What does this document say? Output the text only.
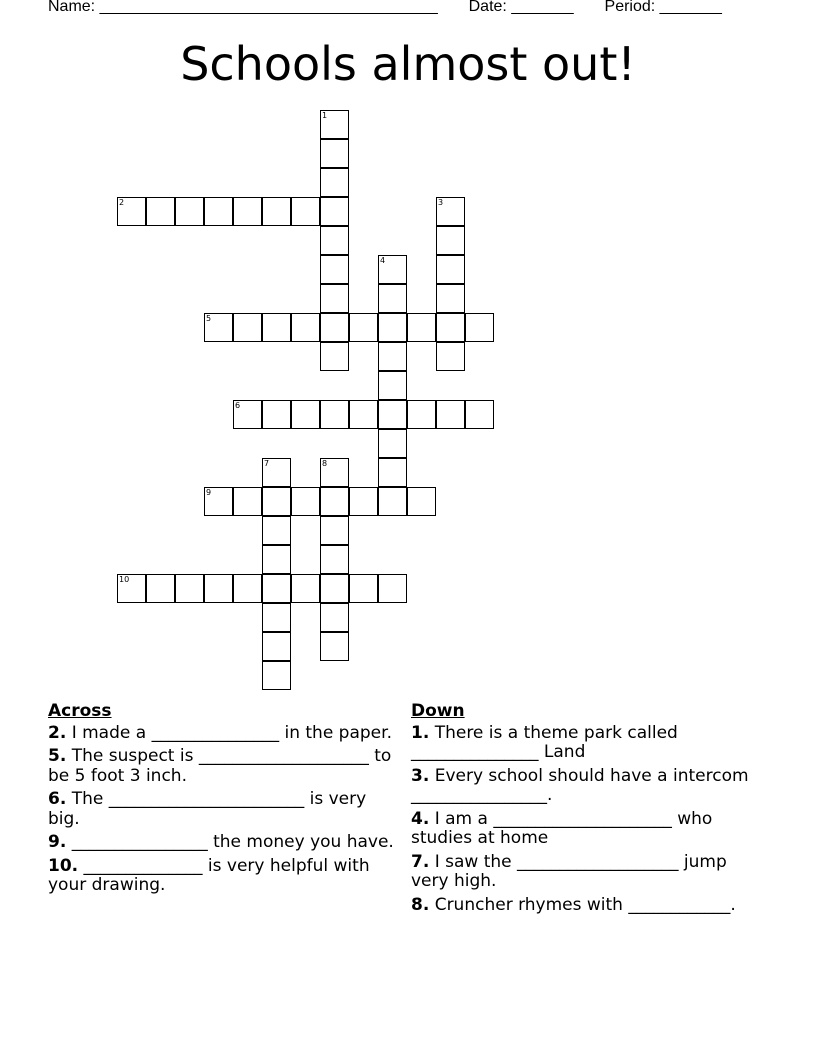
Name: ______________________________________ Date: _______ Period: _______
Schools almost out!
1
2	3
4
5
6
7	8
9
10
Across
2. I made a _______________ in the paper.
5. The suspect is ____________________ to be 5 foot 3 inch.
6. The _______________________ is very big.
9. ________________ the money you have.
10. ______________ is very helpful with your drawing.
Down
1. There is a theme park called _______________ Land
3. Every school should have a intercom ________________.
4. I am a _____________________ who studies at home
7. I saw the ___________________ jump very high.
8. Cruncher rhymes with ____________.
